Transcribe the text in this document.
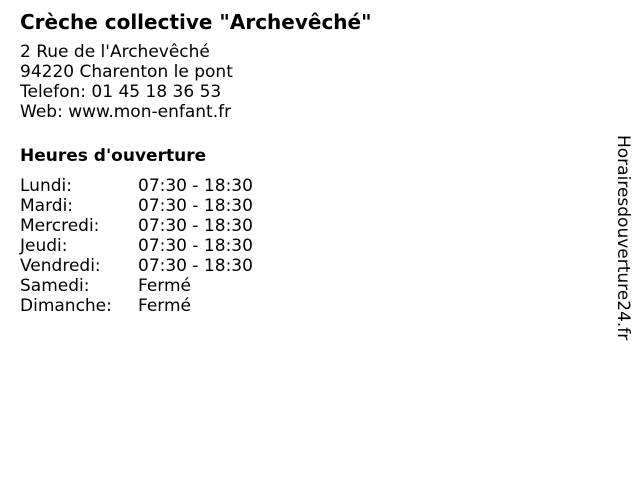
Crèche collective "Archevêché"
2 Rue de l'Archevêché
94220 Charenton le pont
Telefon: 01 45 18 36 53
Web: www.mon-enfant.fr
Heures d'ouverture
Lundi:	07:30 - 18:30
Mardi:	07:30 - 18:30
Mercredi:	07:30 - 18:30
Jeudi:	07:30 - 18:30
Vendredi:	07:30 - 18:30
Samedi:	Fermé
Dimanche:	Fermé	Horairesdouverture24.fr
